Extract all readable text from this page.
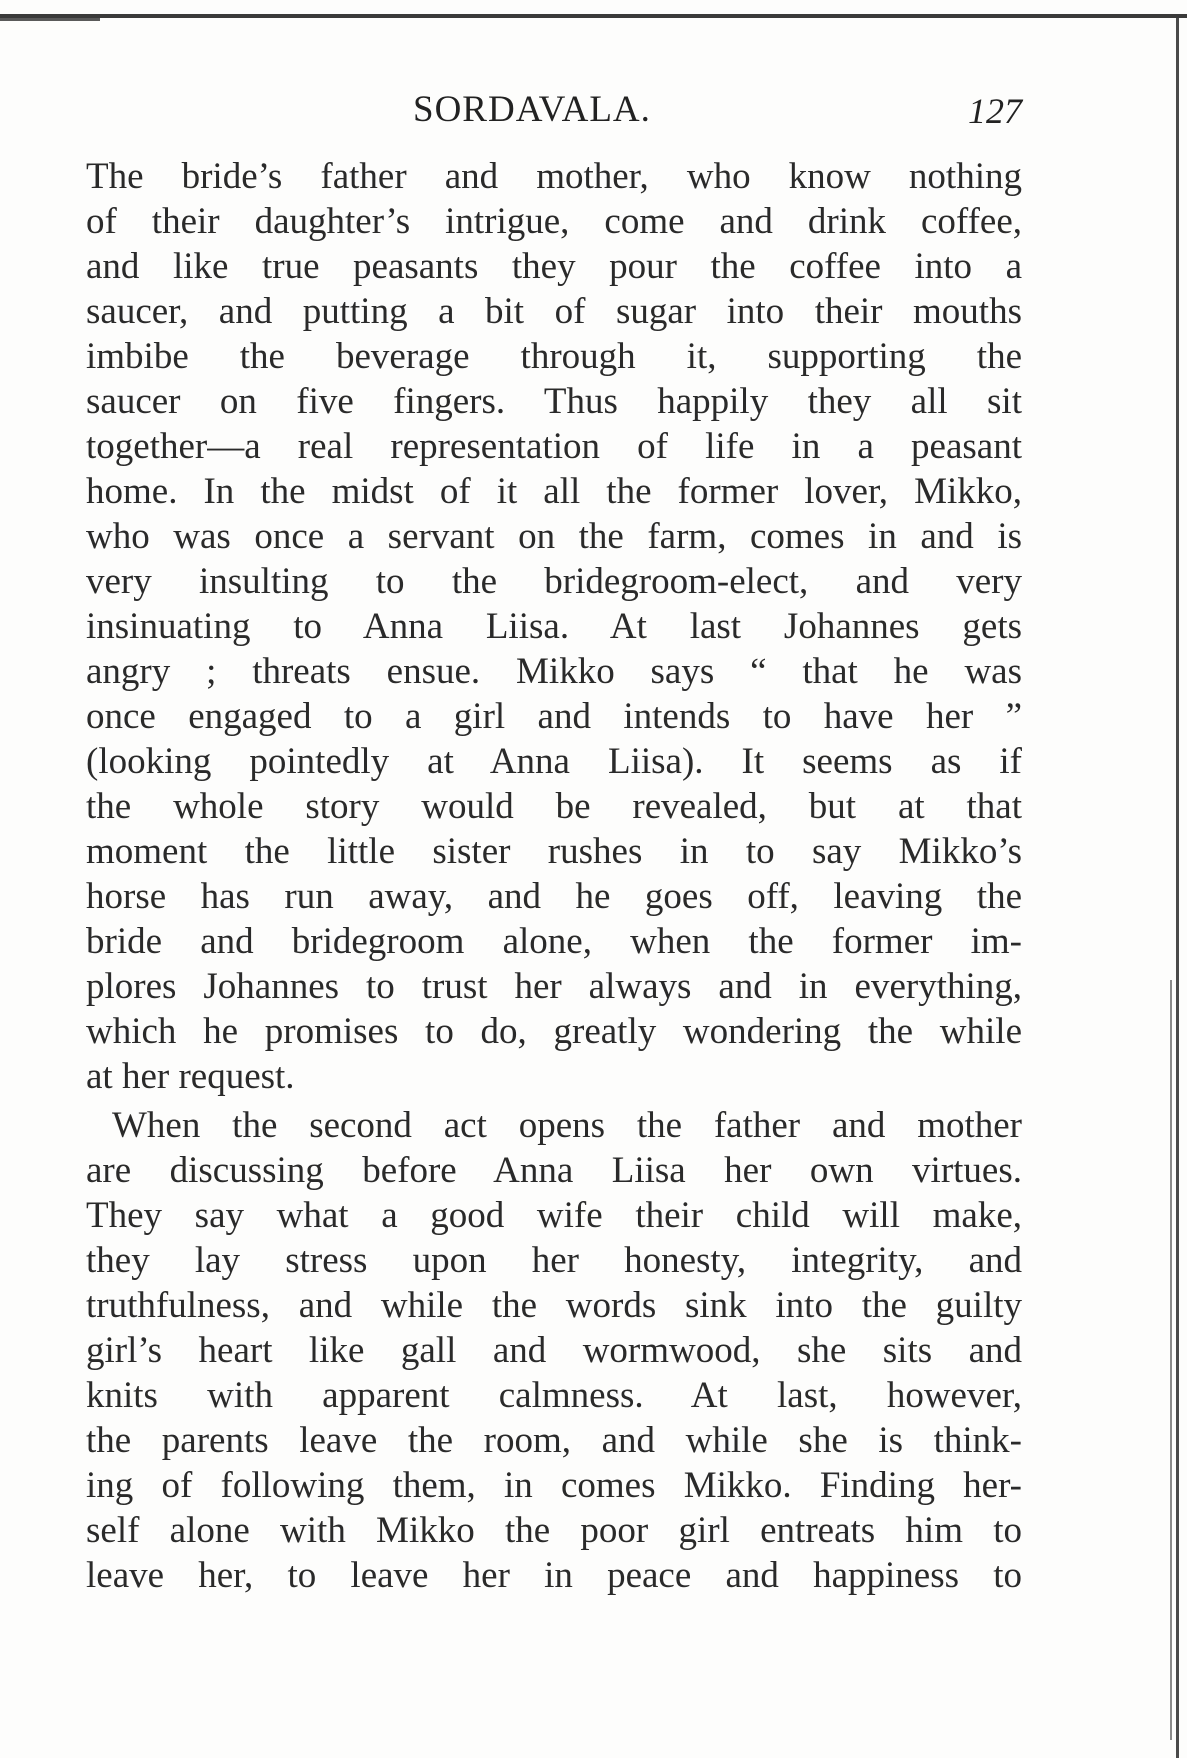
SORDAVALA.	127
The bride’s father and mother, who know nothing
of their daughter’s intrigue, come and drink coffee,
and like true peasants they pour the coffee into a
saucer, and putting a bit of sugar into their mouths
imbibe the beverage through it, supporting the
saucer on five fingers. Thus happily they all sit
together—a real representation of life in a peasant
home. In the midst of it all the former lover, Mikko,
who was once a servant on the farm, comes in and is
very insulting to the bridegroom-elect, and very
insinuating to Anna Liisa. At last Johannes gets
angry ; threats ensue. Mikko says “ that he was
once engaged to a girl and intends to have her ”
(looking pointedly at Anna Liisa). It seems as if
the whole story would be revealed, but at that
moment the little sister rushes in to say Mikko’s
horse has run away, and he goes off, leaving the
bride and bridegroom alone, when the former im-
plores Johannes to trust her always and in everything,
which he promises to do, greatly wondering the while
at her request.
When the second act opens the father and mother
are discussing before Anna Liisa her own virtues.
They say what a good wife their child will make,
they lay stress upon her honesty, integrity, and
truthfulness, and while the words sink into the guilty
girl’s heart like gall and wormwood, she sits and
knits with apparent calmness. At last, however,
the parents leave the room, and while she is think-
ing of following them, in comes Mikko. Finding her-
self alone with Mikko the poor girl entreats him to
leave her, to leave her in peace and happiness to
